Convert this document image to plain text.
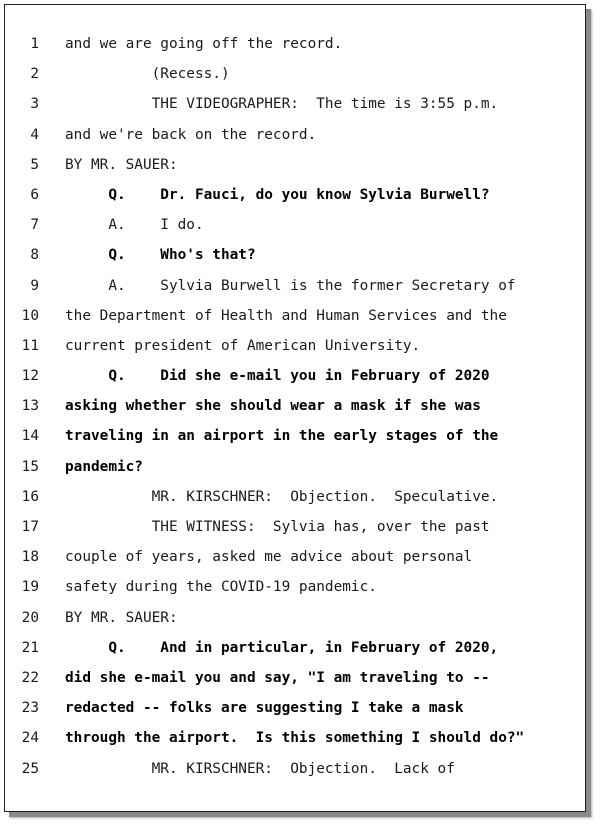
1 and we are going off the record.
2 (Recess.)
3 THE VIDEOGRAPHER:  The time is 3:55 p.m.
4 and we're back on the record.
5 BY MR. SAUER:
6 Q.    Dr. Fauci, do you know Sylvia Burwell?
7 A.    I do.
8 Q.    Who's that?
9 A.    Sylvia Burwell is the former Secretary of
10 the Department of Health and Human Services and the
11 current president of American University.
12 Q.    Did she e-mail you in February of 2020
13 asking whether she should wear a mask if she was
14 traveling in an airport in the early stages of the
15 pandemic?
16 MR. KIRSCHNER:  Objection.  Speculative.
17 THE WITNESS:  Sylvia has, over the past
18 couple of years, asked me advice about personal
19 safety during the COVID-19 pandemic.
20 BY MR. SAUER:
21 Q.    And in particular, in February of 2020,
22 did she e-mail you and say, "I am traveling to --
23 redacted -- folks are suggesting I take a mask
24 through the airport.  Is this something I should do?"
25 MR. KIRSCHNER:  Objection.  Lack of
